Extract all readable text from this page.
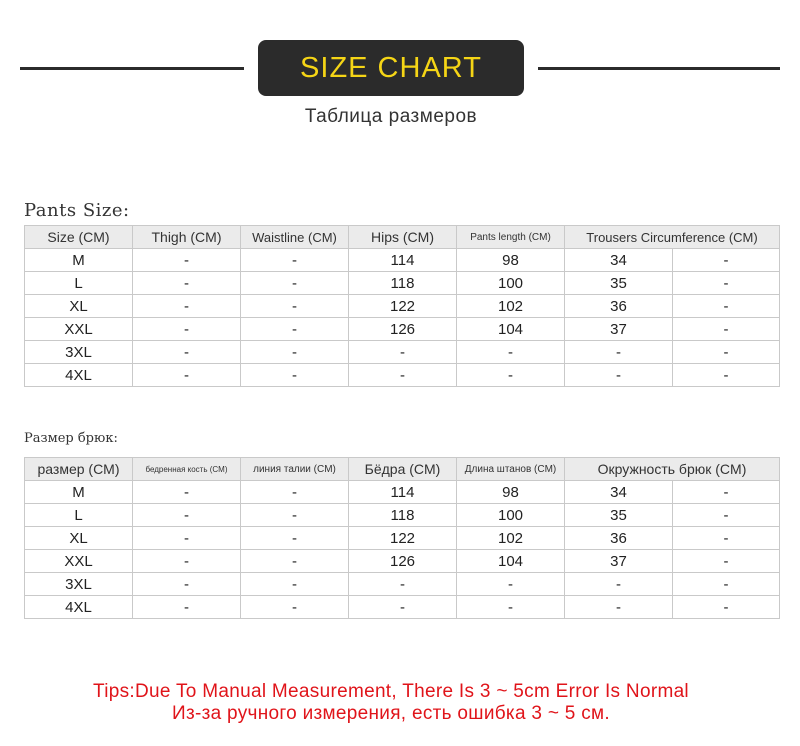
SIZE CHART
Таблица размеров
Pants Size:
Size (CM)	Thigh (CM)	Waistline (CM)	Hips (CM)	Pants length (CM)	Trousers Circumference (CM)	
M	-	-	114	98	34	-
L	-	-	118	100	35	-
XL	-	-	122	102	36	-
XXL	-	-	126	104	37	-
3XL	-	-	-	-	-	-
4XL	-	-	-	-	-	-
Размер брюк:
размер (CM)	бедренная кость (CM)	линия талии (CM)	Бёдра (CM)	Длина штанов (CM)	Окружность брюк (CM)	
M	-	-	114	98	34	-
L	-	-	118	100	35	-
XL	-	-	122	102	36	-
XXL	-	-	126	104	37	-
3XL	-	-	-	-	-	-
4XL	-	-	-	-	-	-
Tips:Due To Manual Measurement, There Is 3 ~ 5cm Error Is Normal
Из-за ручного измерения, есть ошибка 3 ~ 5 см.
